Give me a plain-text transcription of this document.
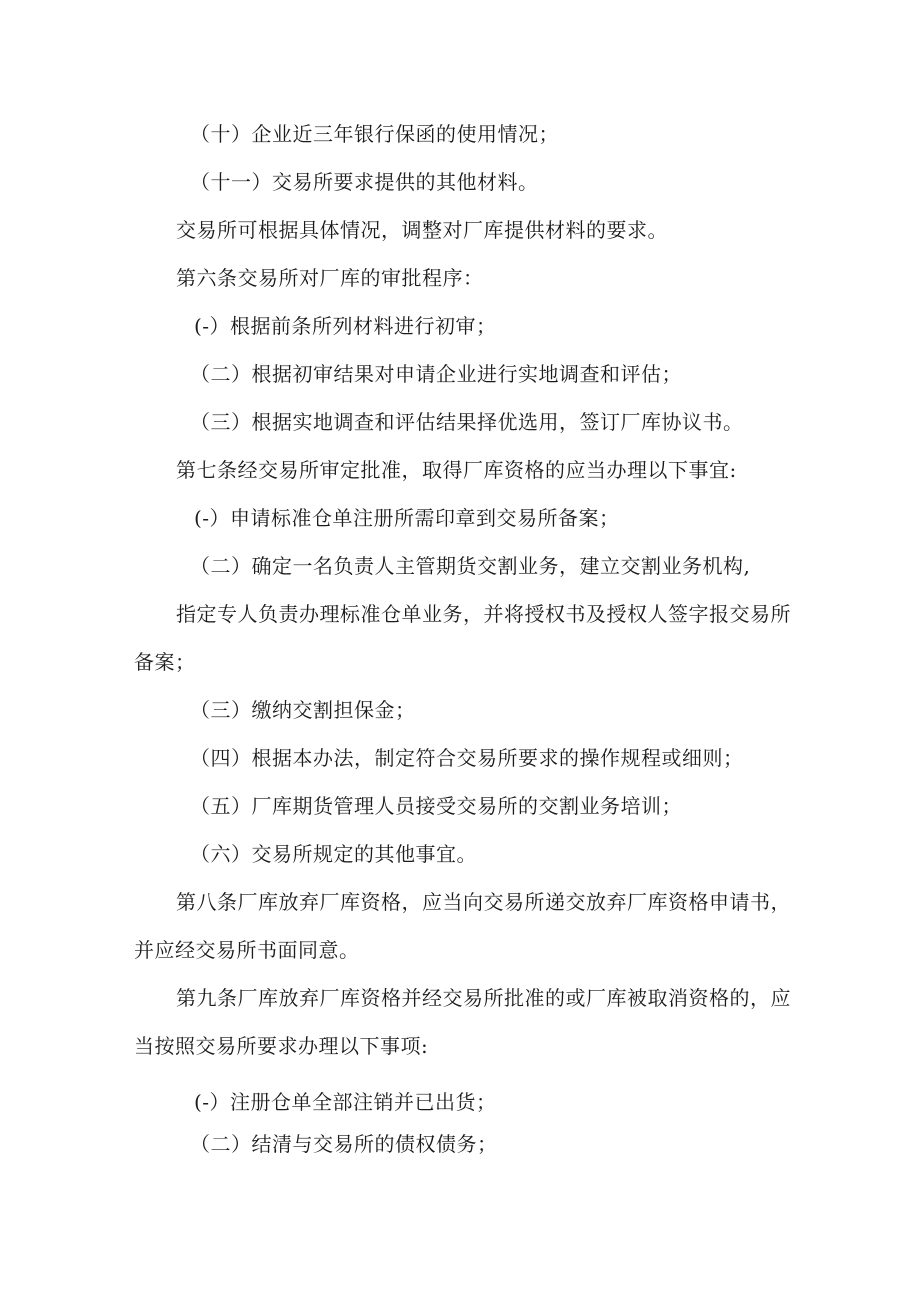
（十）企业近三年银行保函的使用情况；
（十一）交易所要求提供的其他材料。
交易所可根据具体情况，调整对厂库提供材料的要求。
第六条交易所对厂库的审批程序：
(-）根据前条所列材料进行初审；
（二）根据初审结果对申请企业进行实地调查和评估；
（三）根据实地调查和评估结果择优选用，签订厂库协议书。
第七条经交易所审定批准，取得厂库资格的应当办理以下事宜:
(-）申请标准仓单注册所需印章到交易所备案；
（二）确定一名负责人主管期货交割业务，建立交割业务机构,
指定专人负责办理标准仓单业务，并将授权书及授权人签字报交易所
备案；
（三）缴纳交割担保金；
（四）根据本办法，制定符合交易所要求的操作规程或细则；
（五）厂库期货管理人员接受交易所的交割业务培训；
（六）交易所规定的其他事宜。
第八条厂库放弃厂库资格，应当向交易所递交放弃厂库资格申请书，
并应经交易所书面同意。
第九条厂库放弃厂库资格并经交易所批准的或厂库被取消资格的，应
当按照交易所要求办理以下事项:
(-）注册仓单全部注销并已出货；
（二）结清与交易所的债权债务；
